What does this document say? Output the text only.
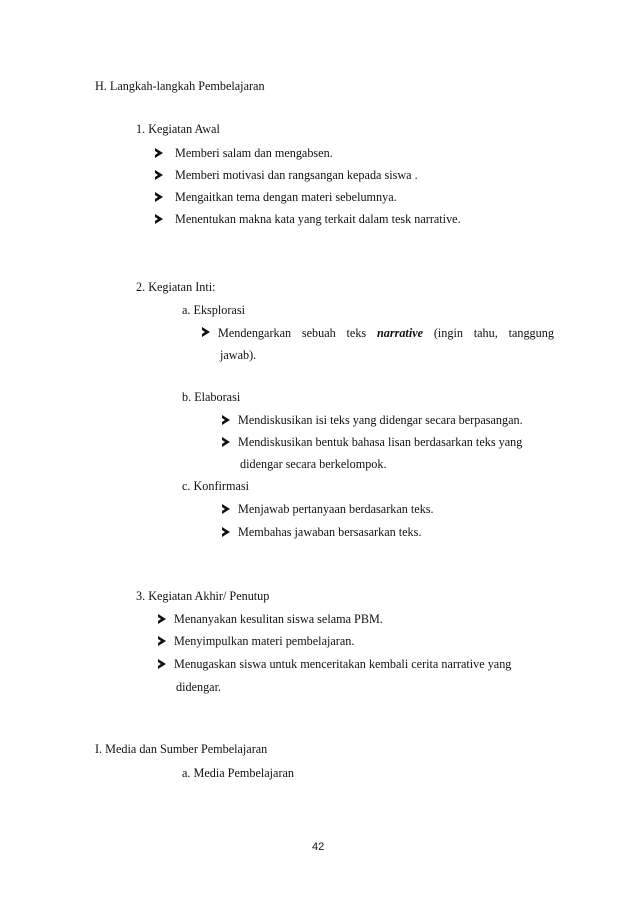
H. Langkah-langkah Pembelajaran
1. Kegiatan Awal
Memberi salam dan mengabsen.
Memberi motivasi dan rangsangan kepada siswa .
Mengaitkan tema dengan materi sebelumnya.
Menentukan makna kata yang terkait dalam tesk narrative.
2. Kegiatan Inti:
a. Eksplorasi
Mendengarkan sebuah teks narrative (ingin tahu, tanggung
jawab).
b. Elaborasi
Mendiskusikan isi teks yang didengar secara berpasangan.
Mendiskusikan bentuk bahasa lisan berdasarkan teks yang
didengar secara berkelompok.
c. Konfirmasi
Menjawab pertanyaan berdasarkan teks.
Membahas jawaban bersasarkan teks.
3. Kegiatan Akhir/ Penutup
Menanyakan kesulitan siswa selama PBM.
Menyimpulkan materi pembelajaran.
Menugaskan siswa untuk menceritakan kembali cerita narrative yang
didengar.
I. Media dan Sumber Pembelajaran
a. Media Pembelajaran
42
